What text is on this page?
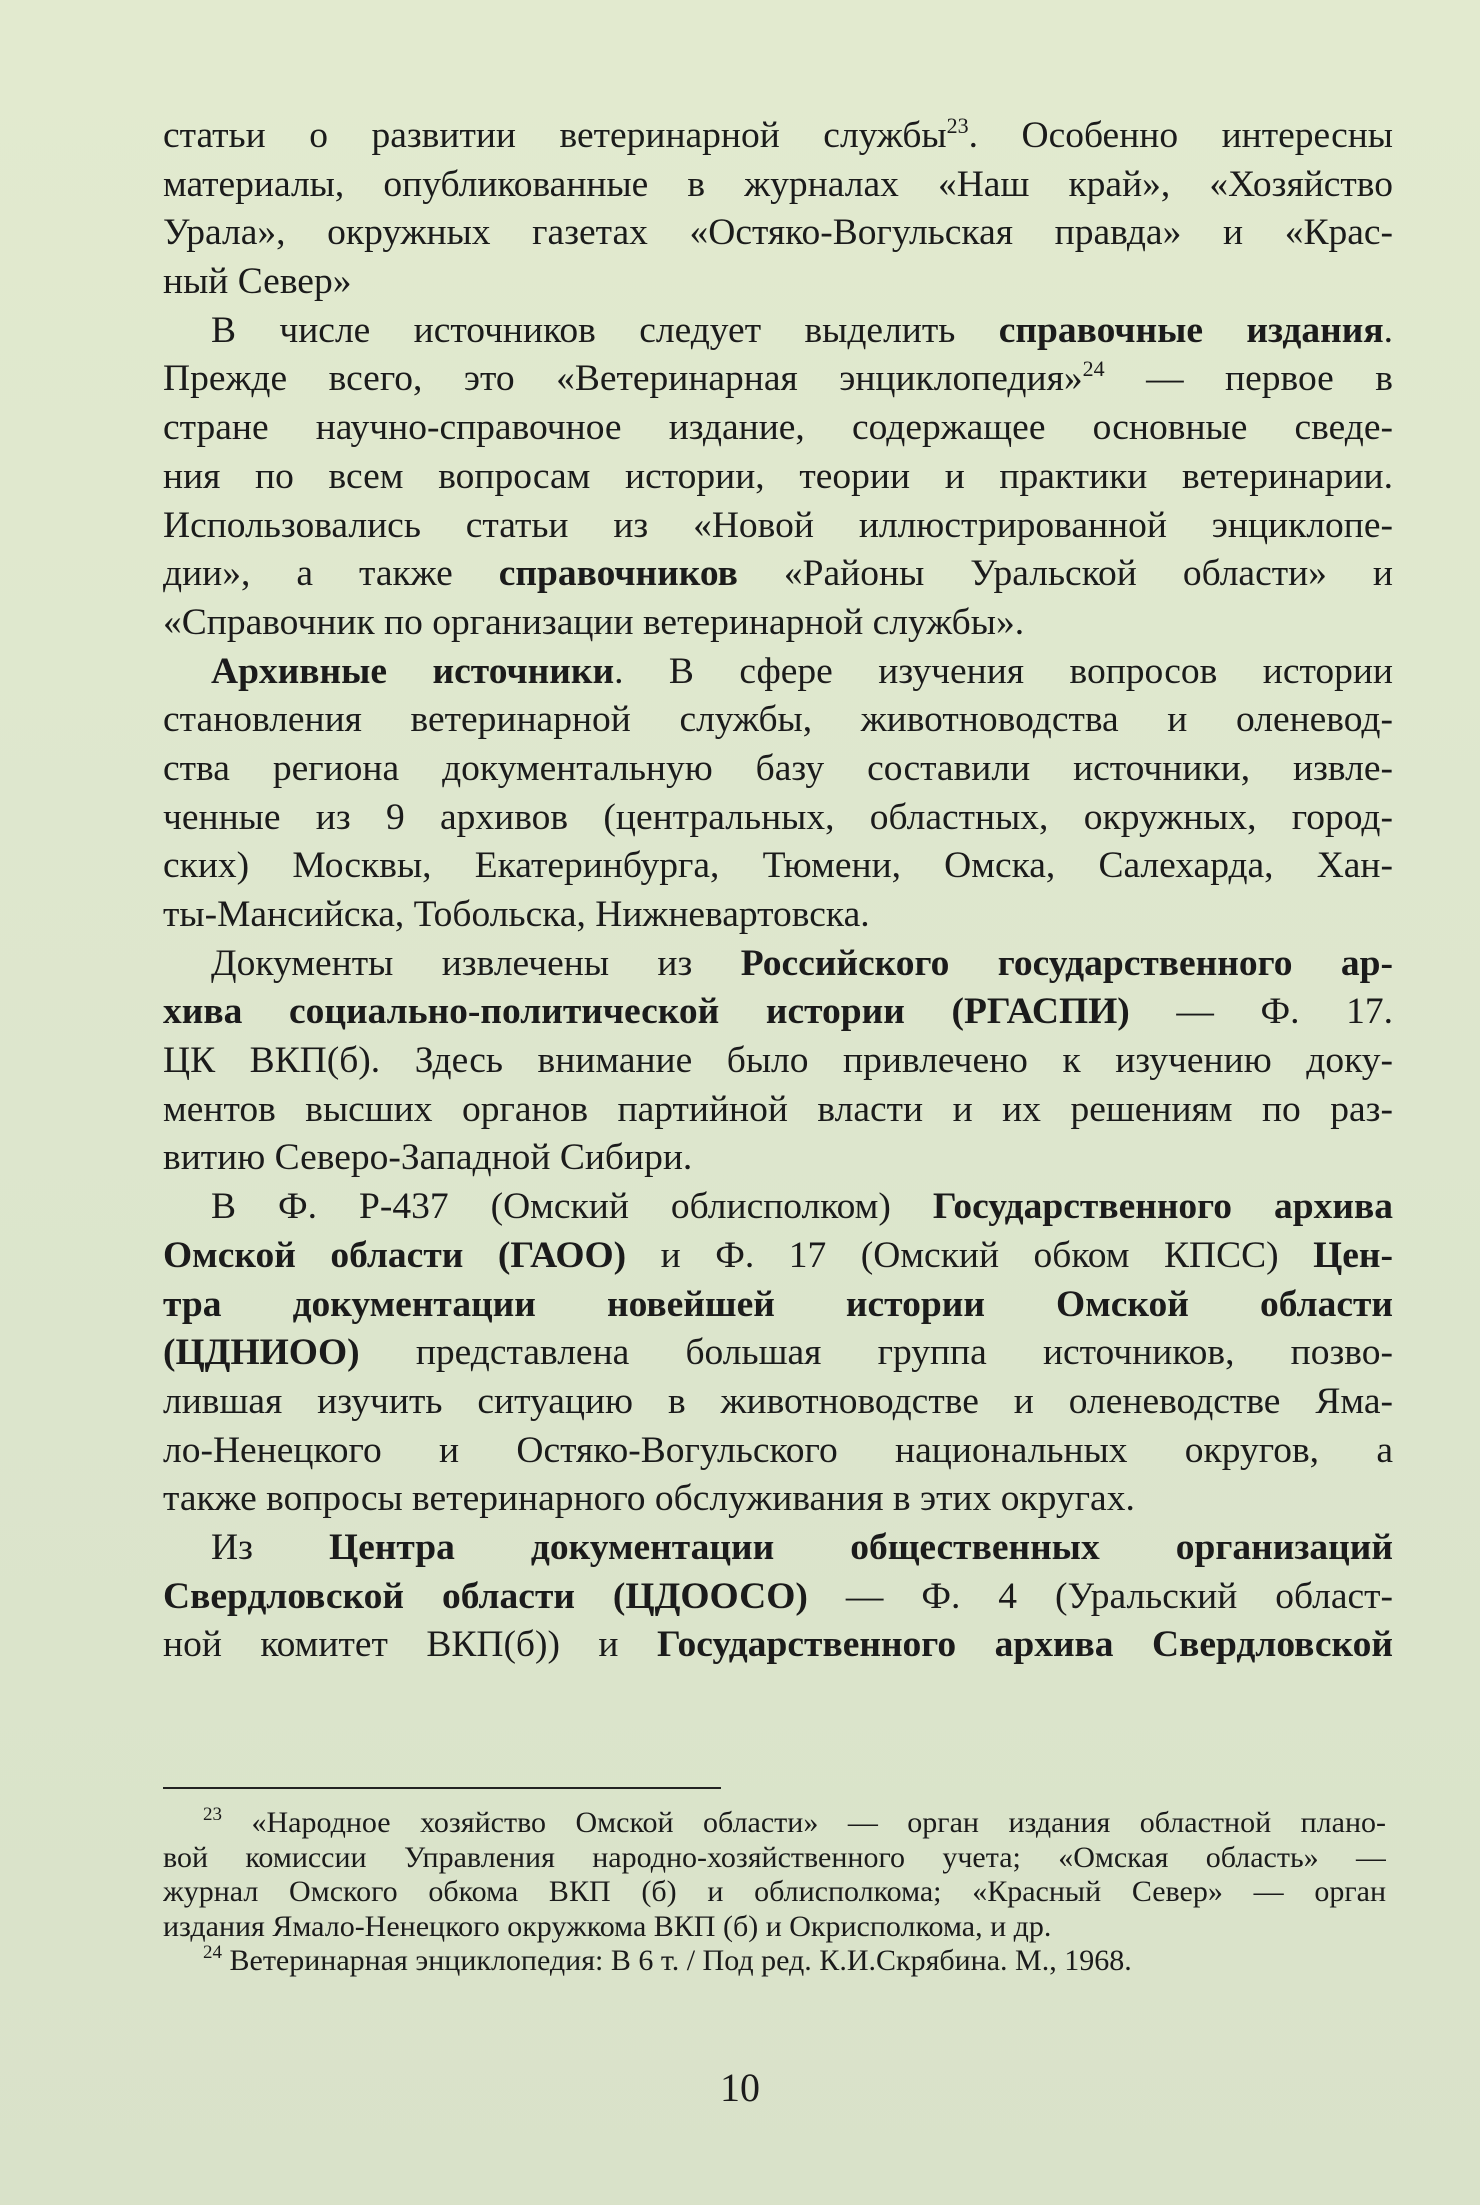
статьи о развитии ветеринарной службы$^{23}$. Особенно интересны
материалы, опубликованные в журналах «Наш край», «Хозяйство
Урала», окружных газетах «Остяко-Вогульская правда» и «Крас-
ный Север»
В числе источников следует выделить справочные издания.
Прежде всего, это «Ветеринарная энциклопедия»$^{24}$ — первое в
стране научно-справочное издание, содержащее основные сведе-
ния по всем вопросам истории, теории и практики ветеринарии.
Использовались статьи из «Новой иллюстрированной энциклопе-
дии», а также справочников «Районы Уральской области» и
«Справочник по организации ветеринарной службы».
Архивные источники. В сфере изучения вопросов истории
становления ветеринарной службы, животноводства и оленевод-
ства региона документальную базу составили источники, извле-
ченные из 9 архивов (центральных, областных, окружных, город-
ских) Москвы, Екатеринбурга, Тюмени, Омска, Салехарда, Хан-
ты-Мансийска, Тобольска, Нижневартовска.
Документы извлечены из Российского государственного ар-
хива социально-политической истории (РГАСПИ) — Ф. 17.
ЦК ВКП(б). Здесь внимание было привлечено к изучению доку-
ментов высших органов партийной власти и их решениям по раз-
витию Северо-Западной Сибири.
В Ф. Р-437 (Омский облисполком) Государственного архива
Омской области (ГАОО) и Ф. 17 (Омский обком КПСС) Цен-
тра документации новейшей истории Омской области
(ЦДНИОО) представлена большая группа источников, позво-
лившая изучить ситуацию в животноводстве и оленеводстве Яма-
ло-Ненецкого и Остяко-Вогульского национальных округов, а
также вопросы ветеринарного обслуживания в этих округах.
Из Центра документации общественных организаций
Свердловской области (ЦДООСО) — Ф. 4 (Уральский област-
ной комитет ВКП(б)) и Государственного архива Свердловской
$^{23}$ «Народное хозяйство Омской области» — орган издания областной плано-
вой комиссии Управления народно-хозяйственного учета; «Омская область» —
журнал Омского обкома ВКП (б) и облисполкома; «Красный Север» — орган
издания Ямало-Ненецкого окружкома ВКП (б) и Окрисполкома, и др.
$^{24}$ Ветеринарная энциклопедия: В 6 т. / Под ред. К.И.Скрябина. М., 1968.
10
